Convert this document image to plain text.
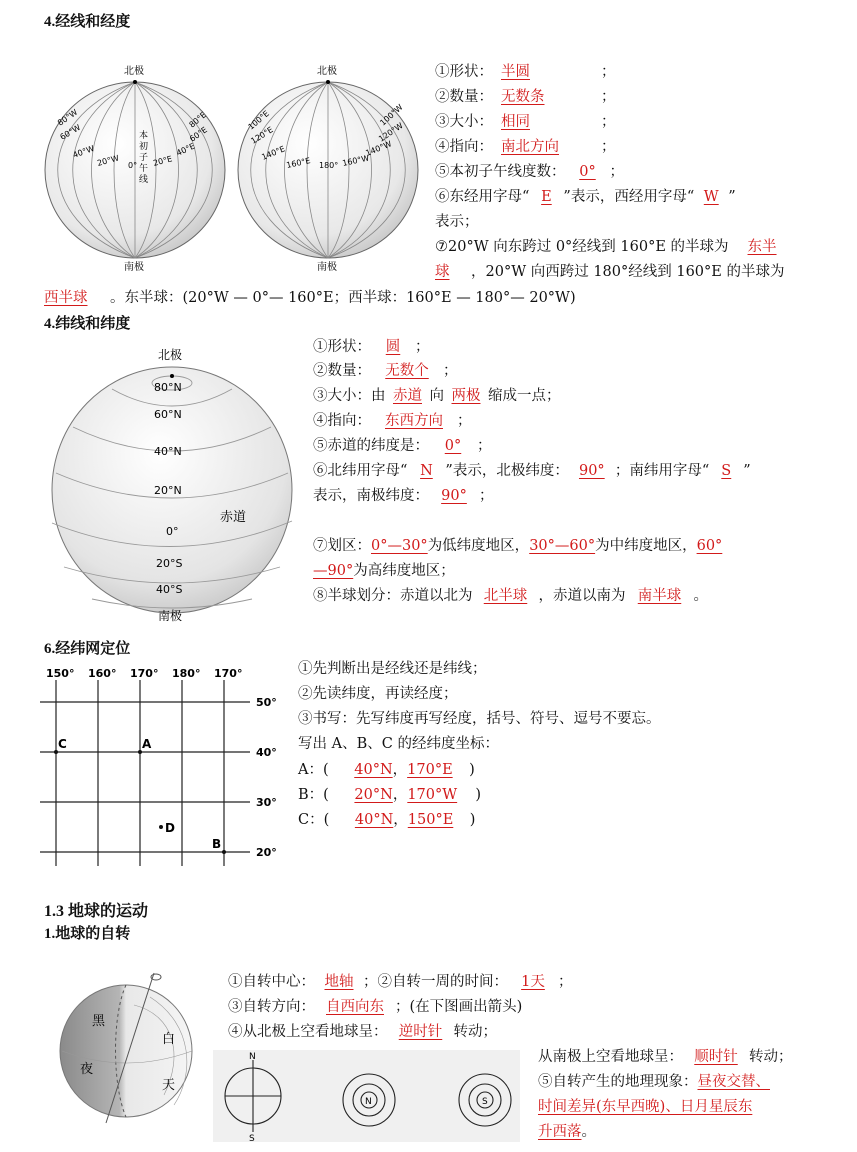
4.经线和经度
北极
南极
本初子午线
80°W
60°W
40°W
20°W 0° 20°E
40°E
60°E
80°E
北极
南极
100°E
120°E
140°E
160°E 180° 160°W
140°W
120°W
100°W
①形状： 半圆	；
②数量： 无数条	；
③大小： 相同	；
④指向： 南北方向	；
⑤本初子午线度数： 0° ；
⑥东经用字母“ E ”表示，西经用字母“ W ”
表示；
⑦20°W 向东跨过 0°经线到 160°E 的半球为 东半
球 ，20°W 向西跨过 180°经线到 160°E 的半球为
西半球 。东半球：(20°W — 0°— 160°E；西半球：160°E — 180°— 20°W)
4.纬线和纬度
北极
南极
80°N
60°N
40°N
20°N
0°
20°S
40°S
赤道
①形状： 圆 ；
②数量： 无数个 ；
③大小：由 赤道 向 两极 缩成一点；
④指向： 东西方向 ；
⑤赤道的纬度是： 0° ；
⑥北纬用字母“ N ”表示，北极纬度： 90° ；南纬用字母“ S ”
表示，南极纬度： 90° ；
⑦划区：0°—30°为低纬度地区，30°—60°为中纬度地区，60°
—90°为高纬度地区；
⑧半球划分：赤道以北为 北半球 ，赤道以南为 南半球 。
6.经纬网定位
150° 160° 170° 180° 170°
50°
40°
30°
20°
A
B
C
D
①先判断出是经线还是纬线；
②先读纬度，再读经度；
③书写：先写纬度再写经度，括号、符号、逗号不要忘。
写出 A、B、C 的经纬度坐标：
A：( 40°N，170°E )
B：( 20°N，170°W )
C：( 40°N，150°E )
1.3 地球的运动
1.地球的自转
黑
夜
白
天
N
S
N	S
①自转中心： 地轴 ；②自转一周的时间： 1天 ；
③自转方向： 自西向东 ；(在下图画出箭头)
④从北极上空看地球呈： 逆时针 转动；
从南极上空看地球呈： 顺时针 转动；
⑤自转产生的地理现象：昼夜交替、
时间差异(东早西晚)、日月星辰东
升西落。
